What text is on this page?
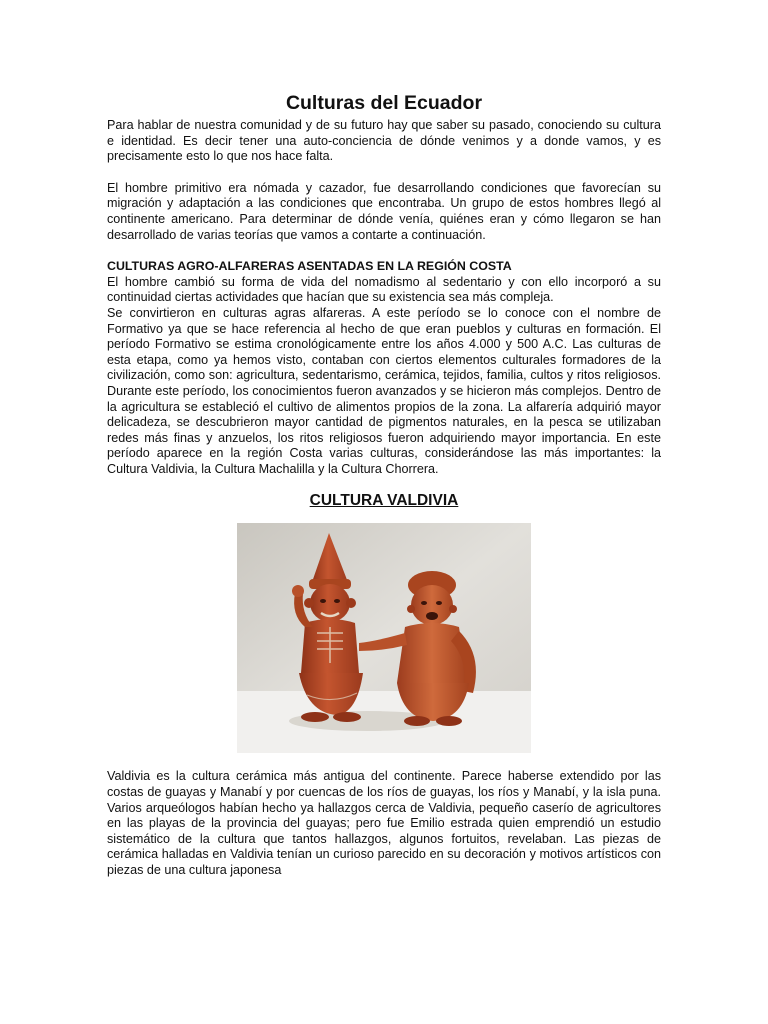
Culturas del Ecuador

Para hablar de nuestra comunidad y de su futuro hay que saber su pasado, conociendo su cultura e identidad. Es decir tener una auto-conciencia de dónde venimos y a donde vamos, y es precisamente esto lo que nos hace falta.

El hombre primitivo era nómada y cazador, fue desarrollando condiciones que favorecían su migración y adaptación a las condiciones que encontraba. Un grupo de estos hombres llegó al continente americano. Para determinar de dónde venía, quiénes eran y cómo llegaron se han desarrollado de varias teorías que vamos a contarte a continuación.

CULTURAS AGRO-ALFARERAS ASENTADAS EN LA REGIÓN COSTA

El hombre cambió su forma de vida del nomadismo al sedentario y con ello incorporó a su continuidad ciertas actividades que hacían que su existencia sea más compleja.

Se convirtieron en culturas agras alfareras. A este período se lo conoce con el nombre de Formativo ya que se hace referencia al hecho de que eran pueblos y culturas en formación. El período Formativo se estima cronológicamente entre los años 4.000 y 500 A.C. Las culturas de esta etapa, como ya hemos visto, contaban con ciertos elementos culturales formadores de la civilización, como son: agricultura, sedentarismo, cerámica, tejidos, familia, cultos y ritos religiosos. Durante este período, los conocimientos fueron avanzados y se hicieron más complejos. Dentro de la agricultura se estableció el cultivo de alimentos propios de la zona. La alfarería adquirió mayor delicadeza, se descubrieron mayor cantidad de pigmentos naturales, en la pesca se utilizaban redes más finas y anzuelos, los ritos religiosos fueron adquiriendo mayor importancia. En este período aparece en la región Costa varias culturas, considerándose las más importantes: la Cultura Valdivia, la Cultura Machalilla y la Cultura Chorrera.

CULTURA VALDIVIA

Valdivia es la cultura cerámica más antigua del continente. Parece haberse extendido por las costas de guayas y Manabí y por cuencas de los ríos de guayas, los ríos y Manabí, y la isla puna. Varios arqueólogos habían hecho ya hallazgos cerca de Valdivia, pequeño caserío de agricultores en las playas de la provincia del guayas; pero fue Emilio estrada quien emprendió un estudio sistemático de la cultura que tantos hallazgos, algunos fortuitos, revelaban. Las piezas de cerámica halladas en Valdivia tenían un curioso parecido en su decoración y motivos artísticos con piezas de una cultura japonesa
